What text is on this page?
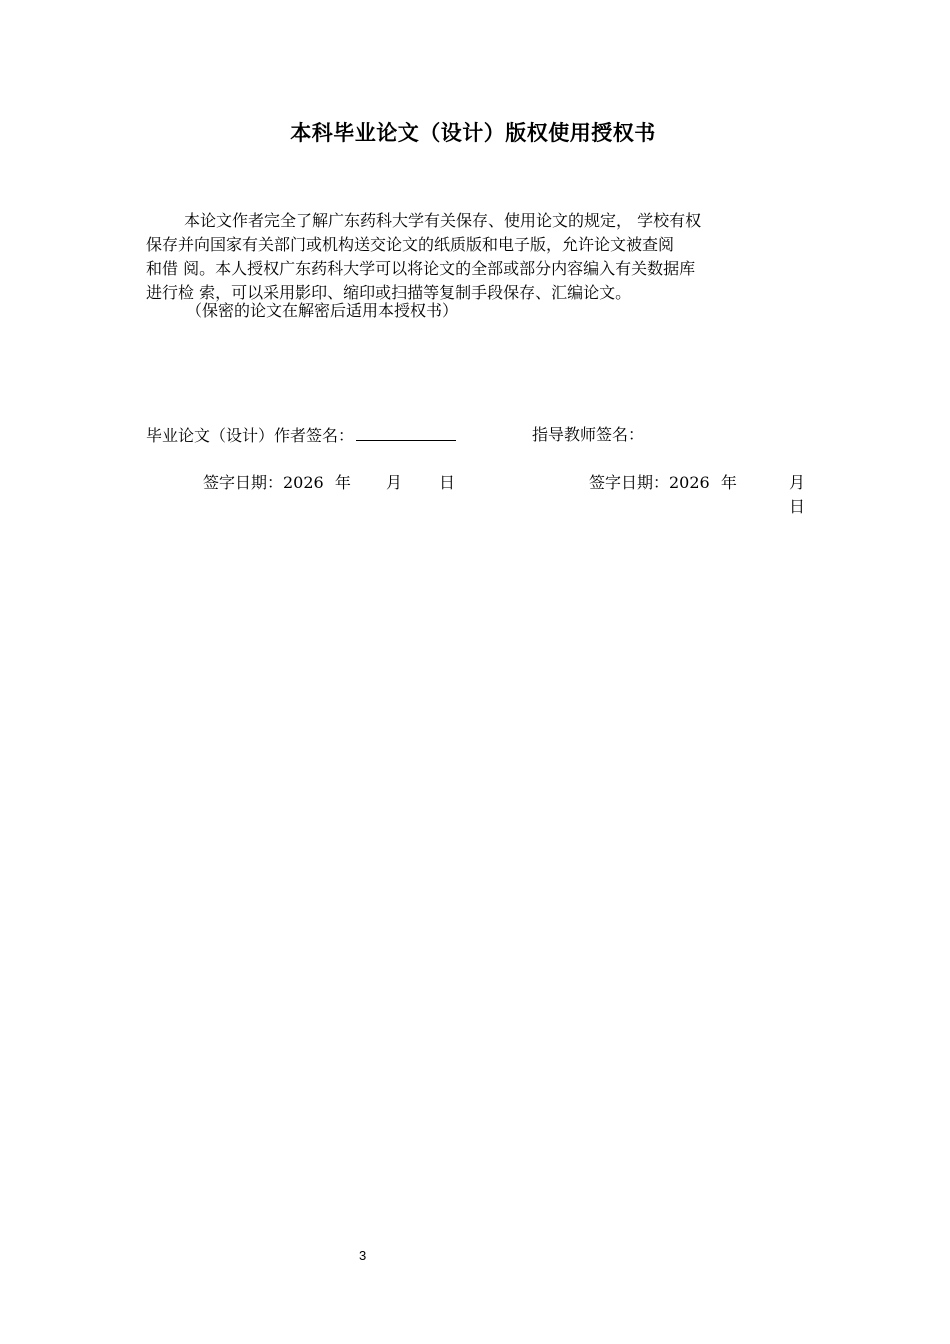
本科毕业论文（设计）版权使用授权书
本论文作者完全了解广东药科大学有关保存、使用论文的规定， 学校有权
保存并向国家有关部门或机构送交论文的纸质版和电子版，允许论文被查阅
和借 阅。本人授权广东药科大学可以将论文的全部或部分内容编入有关数据库
进行检 索，可以采用影印、缩印或扫描等复制手段保存、汇编论文。
（保密的论文在解密后适用本授权书）
毕业论文（设计）作者签名：	指导教师签名：
签字日期：2026 年 月 日	签字日期：2026 年	月
日
3
